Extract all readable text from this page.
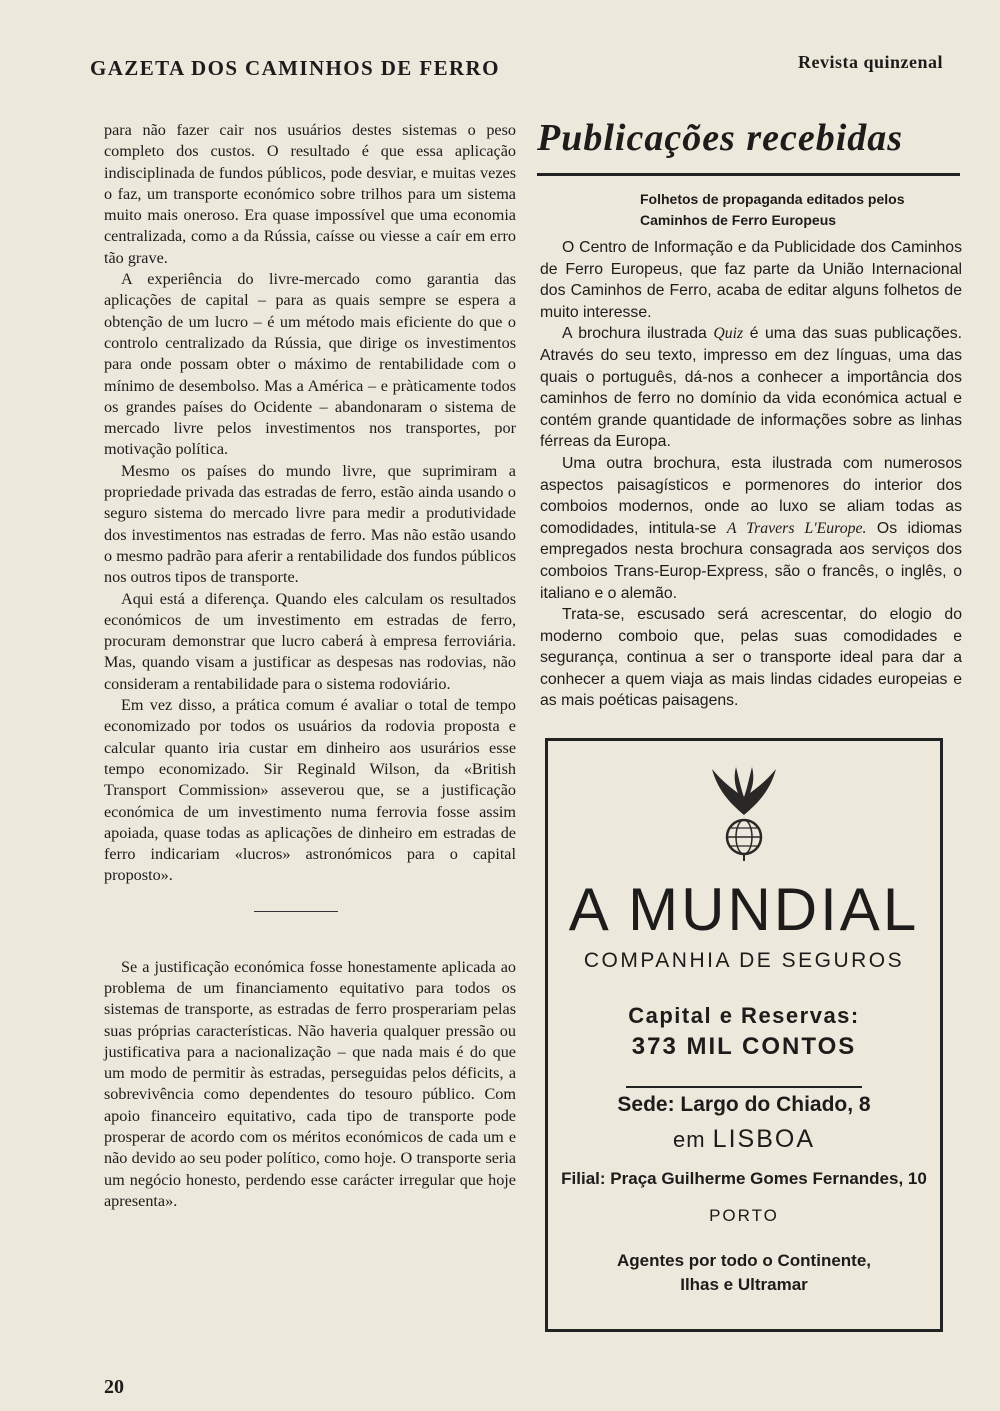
GAZETA DOS CAMINHOS DE FERRO	Revista quinzenal

para não fazer cair nos usuários destes sistemas o peso completo dos custos. O resultado é que essa aplicação indisciplinada de fundos públicos, pode desviar, e muitas vezes o faz, um transporte económico sobre trilhos para um sistema muito mais oneroso. Era quase impossível que uma economia centralizada, como a da Rússia, caísse ou viesse a caír em erro tão grave.

A experiência do livre-mercado como garantia das aplicações de capital – para as quais sempre se espera a obtenção de um lucro – é um método mais eficiente do que o controlo centralizado da Rússia, que dirige os investimentos para onde possam obter o máximo de rentabilidade com o mínimo de desembolso. Mas a América – e pràticamente todos os grandes países do Ocidente – abandonaram o sistema de mercado livre pelos investimentos nos transportes, por motivação política.

Mesmo os países do mundo livre, que suprimiram a propriedade privada das estradas de ferro, estão ainda usando o seguro sistema do mercado livre para medir a produtividade dos investimentos nas estradas de ferro. Mas não estão usando o mesmo padrão para aferir a rentabilidade dos fundos públicos nos outros tipos de transporte.

Aqui está a diferença. Quando eles calculam os resultados económicos de um investimento em estradas de ferro, procuram demonstrar que lucro caberá à empresa ferroviária. Mas, quando visam a justificar as despesas nas rodovias, não consideram a rentabilidade para o sistema rodoviário.

Em vez disso, a prática comum é avaliar o total de tempo economizado por todos os usuários da rodovia proposta e calcular quanto iria custar em dinheiro aos usurários esse tempo economizado. Sir Reginald Wilson, da «British Transport Commission» asseverou que, se a justificação económica de um investimento numa ferrovia fosse assim apoiada, quase todas as aplicações de dinheiro em estradas de ferro indicariam «lucros» astronómicos para o capital proposto».

Se a justificação económica fosse honestamente aplicada ao problema de um financiamento equitativo para todos os sistemas de transporte, as estradas de ferro prosperariam pelas suas próprias características. Não haveria qualquer pressão ou justificativa para a nacionalização – que nada mais é do que um modo de permitir às estradas, perseguidas pelos déficits, a sobrevivência como dependentes do tesouro público. Com apoio financeiro equitativo, cada tipo de transporte pode prosperar de acordo com os méritos económicos de cada um e não devido ao seu poder político, como hoje. O transporte seria um negócio honesto, perdendo esse carácter irregular que hoje apresenta».

Publicações recebidas
Folhetos de propaganda editados pelos Caminhos de Ferro Europeus

O Centro de Informação e da Publicidade dos Caminhos de Ferro Europeus, que faz parte da União Internacional dos Caminhos de Ferro, acaba de editar alguns folhetos de muito interesse.

A brochura ilustrada Quiz é uma das suas publicações. Através do seu texto, impresso em dez línguas, uma das quais o português, dá-nos a conhecer a importância dos caminhos de ferro no domínio da vida económica actual e contém grande quantidade de informações sobre as linhas férreas da Europa.

Uma outra brochura, esta ilustrada com numerosos aspectos paisagísticos e pormenores do interior dos comboios modernos, onde ao luxo se aliam todas as comodidades, intitula-se A Travers L'Europe. Os idiomas empregados nesta brochura consagrada aos serviços dos comboios Trans-Europ-Express, são o francês, o inglês, o italiano e o alemão.

Trata-se, escusado será acrescentar, do elogio do moderno comboio que, pelas suas comodidades e segurança, continua a ser o transporte ideal para dar a conhecer a quem viaja as mais lindas cidades europeias e as mais poéticas paisagens.

A MUNDIAL
COMPANHIA DE SEGUROS
Capital e Reservas:
373 MIL CONTOS
Sede: Largo do Chiado, 8
em LISBOA
Filial: Praça Guilherme Gomes Fernandes, 10
PORTO
Agentes por todo o Continente,
Ilhas e Ultramar
20
